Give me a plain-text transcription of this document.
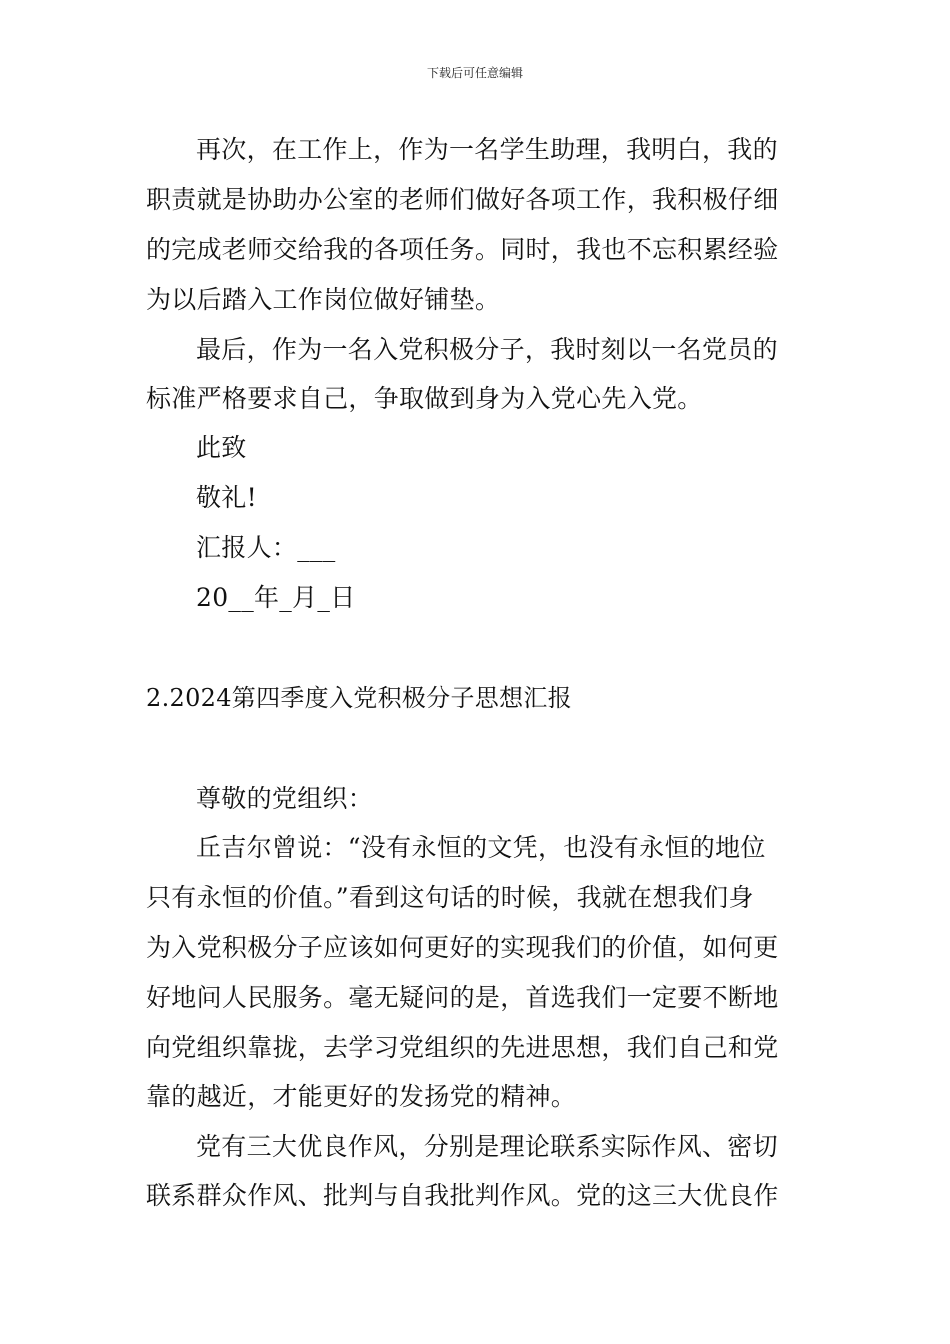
下载后可任意编辑
再次，在工作上，作为一名学生助理，我明白，我的
职责就是协助办公室的老师们做好各项工作，我积极仔细
的完成老师交给我的各项任务。同时，我也不忘积累经验
为以后踏入工作岗位做好铺垫。
最后，作为一名入党积极分子，我时刻以一名党员的
标准严格要求自己，争取做到身为入党心先入党。
此致
敬礼!
汇报人：___
20__年_月_日
2.2024第四季度入党积极分子思想汇报
尊敬的党组织：
丘吉尔曾说：“没有永恒的文凭，也没有永恒的地位
只有永恒的价值。”看到这句话的时候，我就在想我们身
为入党积极分子应该如何更好的实现我们的价值，如何更
好地问人民服务。毫无疑问的是，首选我们一定要不断地
向党组织靠拢，去学习党组织的先进思想，我们自己和党
靠的越近，才能更好的发扬党的精神。
党有三大优良作风，分别是理论联系实际作风、密切
联系群众作风、批判与自我批判作风。党的这三大优良作
